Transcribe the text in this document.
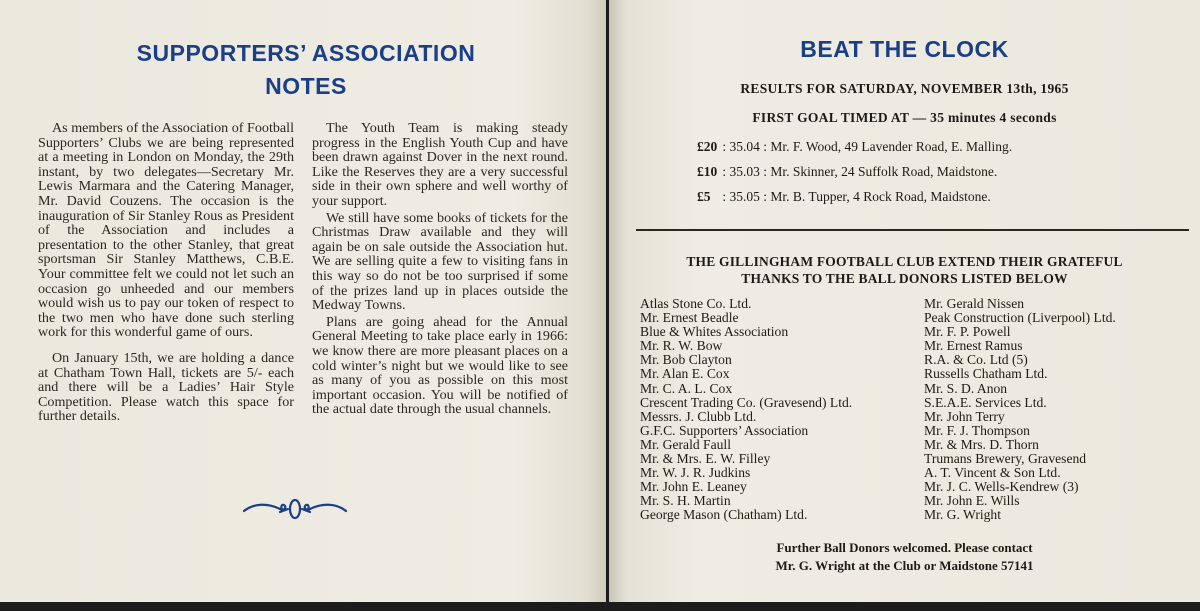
SUPPORTERS’ ASSOCIATION
NOTES

As members of the Association of Football Supporters’ Clubs we are being represented at a meeting in London on Monday, the 29th instant, by two delegates—Secretary Mr. Lewis Marmara and the Catering Manager, Mr. David Couzens. The occasion is the inauguration of Sir Stanley Rous as President of the Association and includes a presentation to the other Stanley, that great sportsman Sir Stanley Matthews, C.B.E. Your committee felt we could not let such an occasion go unheeded and our members would wish us to pay our token of respect to the two men who have done such sterling work for this wonderful game of ours.

On January 15th, we are holding a dance at Chatham Town Hall, tickets are 5/- each and there will be a Ladies’ Hair Style Competition. Please watch this space for further details.

The Youth Team is making steady progress in the English Youth Cup and have been drawn against Dover in the next round. Like the Reserves they are a very successful side in their own sphere and well worthy of your support.

We still have some books of tickets for the Christmas Draw available and they will again be on sale outside the Association hut. We are selling quite a few to visiting fans in this way so do not be too surprised if some of the prizes land up in places outside the Medway Towns.

Plans are going ahead for the Annual General Meeting to take place early in 1966: we know there are more pleasant places on a cold winter’s night but we would like to see as many of you as possible on this most important occasion. You will be notified of the actual date through the usual channels.

BEAT THE CLOCK
RESULTS FOR SATURDAY, NOVEMBER 13th, 1965
FIRST GOAL TIMED AT — 35 minutes 4 seconds
£20 : 35.04 : Mr. F. Wood, 49 Lavender Road, E. Malling.
£10 : 35.03 : Mr. Skinner, 24 Suffolk Road, Maidstone.
£5 : 35.05 : Mr. B. Tupper, 4 Rock Road, Maidstone.
THE GILLINGHAM FOOTBALL CLUB EXTEND THEIR GRATEFUL
THANKS TO THE BALL DONORS LISTED BELOW
Atlas Stone Co. Ltd.
Mr. Ernest Beadle
Blue & Whites Association
Mr. R. W. Bow
Mr. Bob Clayton
Mr. Alan E. Cox
Mr. C. A. L. Cox
Crescent Trading Co. (Gravesend) Ltd.
Messrs. J. Clubb Ltd.
G.F.C. Supporters’ Association
Mr. Gerald Faull
Mr. & Mrs. E. W. Filley
Mr. W. J. R. Judkins
Mr. John E. Leaney
Mr. S. H. Martin
George Mason (Chatham) Ltd.
Mr. Gerald Nissen
Peak Construction (Liverpool) Ltd.
Mr. F. P. Powell
Mr. Ernest Ramus
R.A. & Co. Ltd (5)
Russells Chatham Ltd.
Mr. S. D. Anon
S.E.A.E. Services Ltd.
Mr. John Terry
Mr. F. J. Thompson
Mr. & Mrs. D. Thorn
Trumans Brewery, Gravesend
A. T. Vincent & Son Ltd.
Mr. J. C. Wells-Kendrew (3)
Mr. John E. Wills
Mr. G. Wright
Further Ball Donors welcomed. Please contact
Mr. G. Wright at the Club or Maidstone 57141
